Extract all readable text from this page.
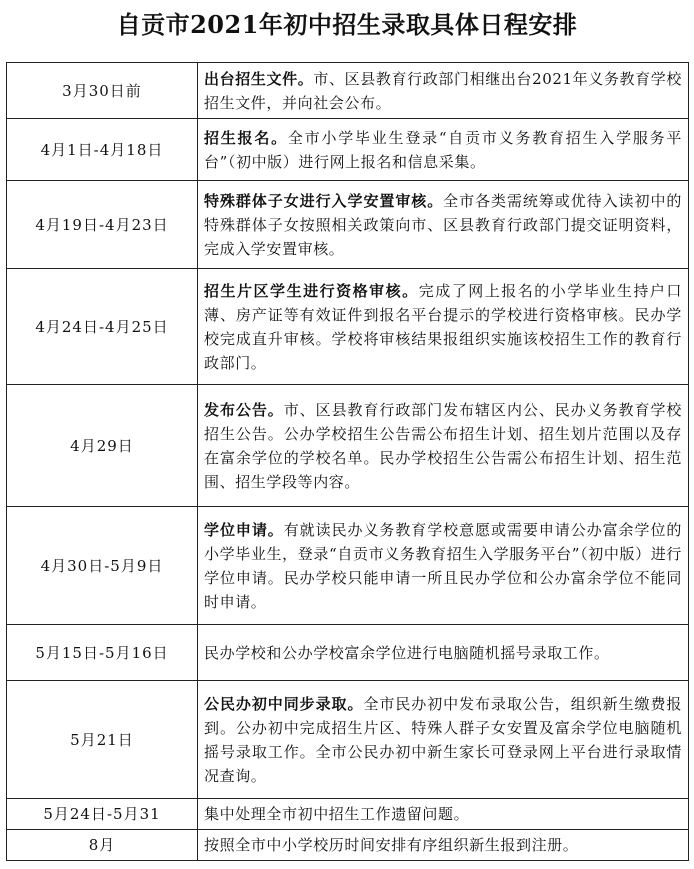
自贡市2021年初中招生录取具体日程安排
3月30日前	出台招生文件。市、区县教育行政部门相继出台2021年义务教育学校招生文件，并向社会公布。
4月1日-4月18日	招生报名。全市小学毕业生登录“自贡市义务教育招生入学服务平台”（初中版）进行网上报名和信息采集。
4月19日-4月23日	特殊群体子女进行入学安置审核。全市各类需统筹或优待入读初中的特殊群体子女按照相关政策向市、区县教育行政部门提交证明资料，完成入学安置审核。
4月24日-4月25日	招生片区学生进行资格审核。完成了网上报名的小学毕业生持户口薄、房产证等有效证件到报名平台提示的学校进行资格审核。民办学校完成直升审核。学校将审核结果报组织实施该校招生工作的教育行政部门。
4月29日	发布公告。市、区县教育行政部门发布辖区内公、民办义务教育学校招生公告。公办学校招生公告需公布招生计划、招生划片范围以及存在富余学位的学校名单。民办学校招生公告需公布招生计划、招生范围、招生学段等内容。
4月30日-5月9日	学位申请。有就读民办义务教育学校意愿或需要申请公办富余学位的小学毕业生，登录“自贡市义务教育招生入学服务平台”（初中版）进行学位申请。民办学校只能申请一所且民办学位和公办富余学位不能同时申请。
5月15日-5月16日	民办学校和公办学校富余学位进行电脑随机摇号录取工作。
5月21日	公民办初中同步录取。全市民办初中发布录取公告，组织新生缴费报到。公办初中完成招生片区、特殊人群子女安置及富余学位电脑随机摇号录取工作。全市公民办初中新生家长可登录网上平台进行录取情况查询。
5月24日-5月31	集中处理全市初中招生工作遗留问题。
8月	按照全市中小学校历时间安排有序组织新生报到注册。
